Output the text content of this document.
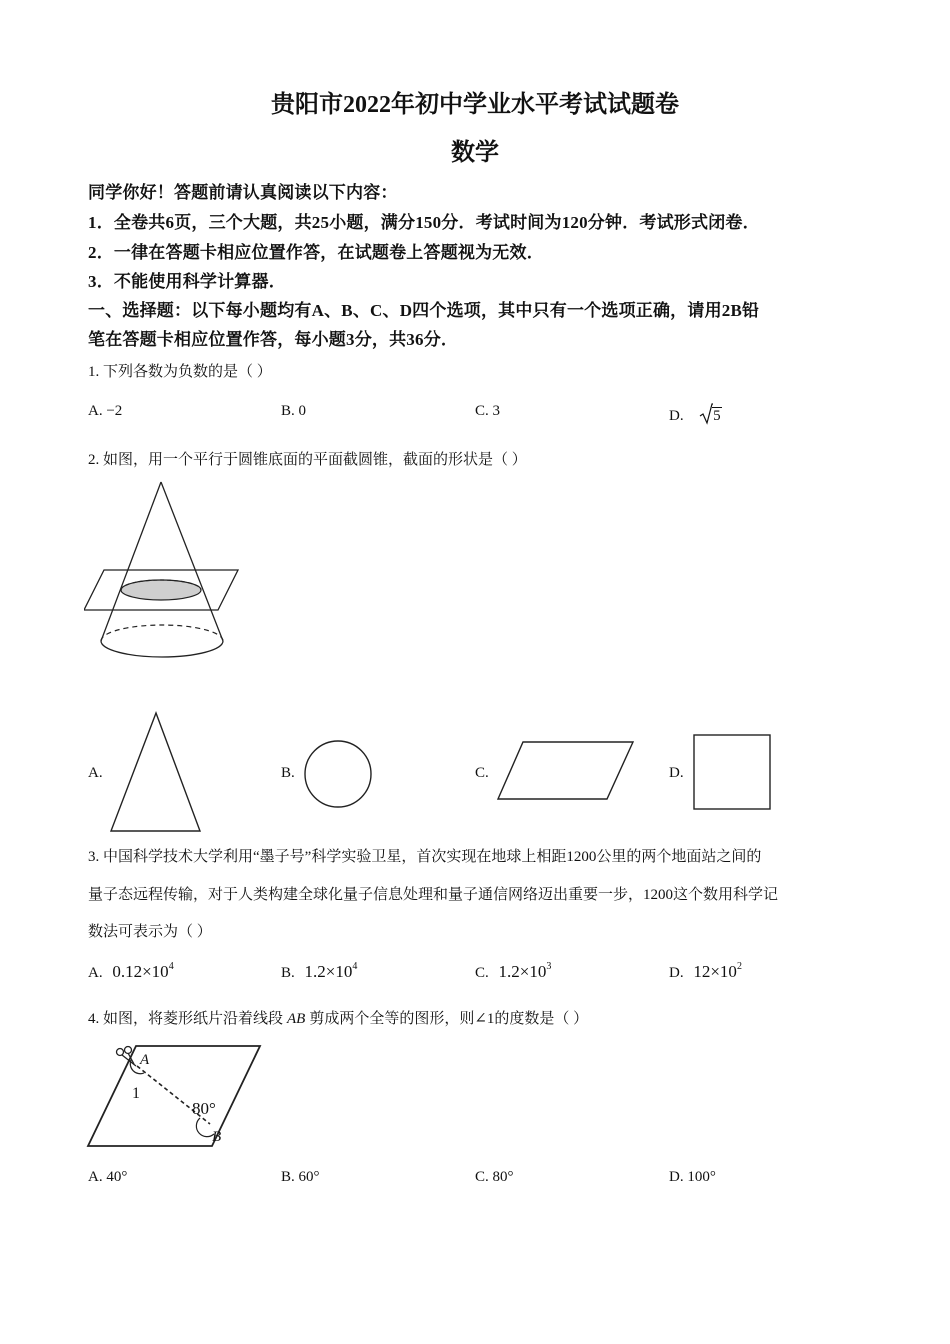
贵阳市2022年初中学业水平考试试题卷
数学
同学你好！答题前请认真阅读以下内容：
1．全卷共6页，三个大题，共25小题，满分150分．考试时间为120分钟．考试形式闭卷．
2．一律在答题卡相应位置作答，在试题卷上答题视为无效．
3．不能使用科学计算器．
一、选择题：以下每小题均有A、B、C、D四个选项，其中只有一个选项正确，请用2B铅
笔在答题卡相应位置作答，每小题3分，共36分．
1. 下列各数为负数的是（ ）
A. −2	B. 0	C. 3	D. 5
2. 如图，用一个平行于圆锥底面的平面截圆锥，截面的形状是（ ）
A.	B.	C.	D.
3. 中国科学技术大学利用“墨子号”科学实验卫星，首次实现在地球上相距1200公里的两个地面站之间的
量子态远程传输，对于人类构建全球化量子信息处理和量子通信网络迈出重要一步，1200这个数用科学记
数法可表示为（ ）
A. $0.12\times 10^4$	B. $1.2\times 10^4$	C. $1.2\times 10^3$	D. $12\times 10^2$
4. 如图，将菱形纸片沿着线段 AB 剪成两个全等的图形，则∠1的度数是（ ）
A
1
80°
B
A. 40°	B. 60°	C. 80°	D. 100°
